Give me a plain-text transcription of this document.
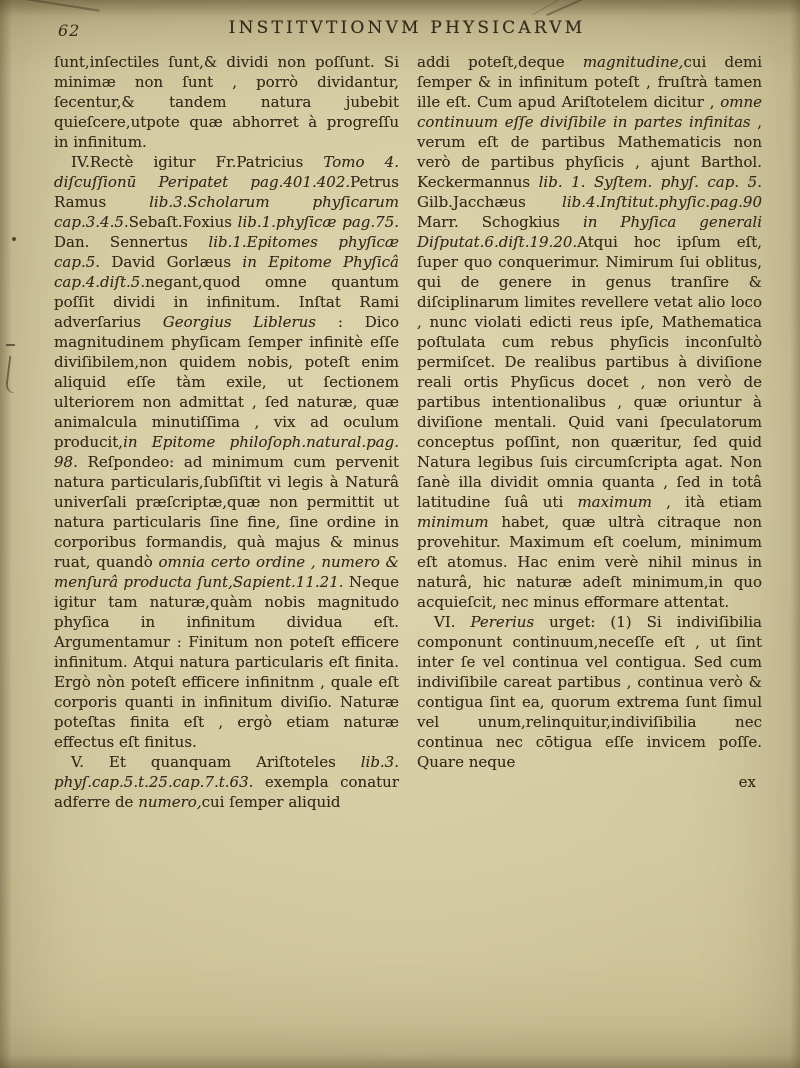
62	INSTITVTIONVM PHYSICARVM

ſunt,inſectiles ſunt,& dividi non poſſunt. Si minimæ non ſunt , porrò dividantur, ſecentur,& tandem natura jubebit quieſcere,utpote quæ abhorret à progreſſu in infinitum.

IV.Rectè igitur Fr.Patricius Tomo 4. diſcuſſionū Peripatet pag.401.402.Petrus Ramus lib.3.Scholarum phyſicarum cap.3.4.5.Sebaſt.Foxius lib.1.phyſicæ pag.75. Dan. Sennertus lib.1.Epitomes phyſicæ cap.5. David Gorlæus in Epitome Phyſicâ cap.4.diſt.5.negant,quod omne quantum poſſit dividi in infinitum. Inſtat Rami adverſarius Georgius Liblerus : Dico magnitudinem phyſicam ſemper infinitè eſſe diviſibilem,non quidem nobis, poteſt enim aliquid eſſe tàm exile, ut ſectionem ulteriorem non admittat , ſed naturæ, quæ animalcula minutiſſima , vix ad oculum producit,in Epitome philoſoph.natural.pag. 98. Reſpondeo: ad minimum cum pervenit natura particularis,ſubſiſtit vi legis à Naturâ univerſali præſcriptæ,quæ non permittit ut natura particularis ſine fine, ſine ordine in corporibus formandis, quà majus & minus ruat, quandò omnia certo ordine , numero & menſurâ producta ſunt,Sapient.11.21. Neque igitur tam naturæ,quàm nobis magnitudo phyſica in infinitum dividua eſt. Argumentamur : Finitum non poteſt efficere infinitum. Atqui natura particularis eſt finita. Ergò nòn poteſt efficere infinitnm , quale eſt corporis quanti in infinitum diviſio. Naturæ poteſtas finita eſt , ergò etiam naturæ effectus eſt finitus.

V. Et quanquam Ariſtoteles lib.3. phyſ.cap.5.t.25.cap.7.t.63. exempla conatur adferre de numero,cui ſemper aliquid

addi poteſt,deque magnitudine,cui demi ſemper & in infinitum poteſt , fruſtrà tamen ille eſt. Cum apud Ariſtotelem dicitur , omne continuum eſſe diviſibile in partes infinitas , verum eſt de partibus Mathematicis non verò de partibus phyſicis , ajunt Barthol. Keckermannus lib. 1. Syſtem. phyſ. cap. 5. Gilb.Jacchæus lib.4.Inſtitut.phyſic.pag.90 Marr. Schogkius in Phyſica generali Diſputat.6.diſt.19.20.Atqui hoc ipſum eſt, ſuper quo conquerimur. Nimirum ſui oblitus, qui de genere in genus tranſire & diſciplinarum limites revellere vetat alio loco , nunc violati edicti reus ipſe, Mathematica poſtulata cum rebus phyſicis inconſultò permiſcet. De realibus partibus à diviſione reali ortis Phyſicus docet , non verò de partibus intentionalibus , quæ oriuntur à diviſione mentali. Quid vani ſpeculatorum conceptus poſſint, non quæritur, ſed quid Natura legibus ſuis circumſcripta agat. Non ſanè illa dividit omnia quanta , ſed in totâ latitudine ſuâ uti maximum , ità etiam minimum habet, quæ ultrà citraque non provehitur. Maximum eſt coelum, minimum eſt atomus. Hac enim verè nihil minus in naturâ, hic naturæ adeſt minimum,in quo acquieſcit, nec minus efformare attentat.

VI. Pererius urget: (1) Si indiviſibilia componunt continuum,neceſſe eſt , ut ſint inter ſe vel continua vel contigua. Sed cum indiviſibile careat partibus , continua verò & contigua ſint ea, quorum extrema ſunt ſimul vel unum,relinquitur,indiviſibilia nec continua nec cōtigua eſſe invicem poſſe. Quare neque

ex
